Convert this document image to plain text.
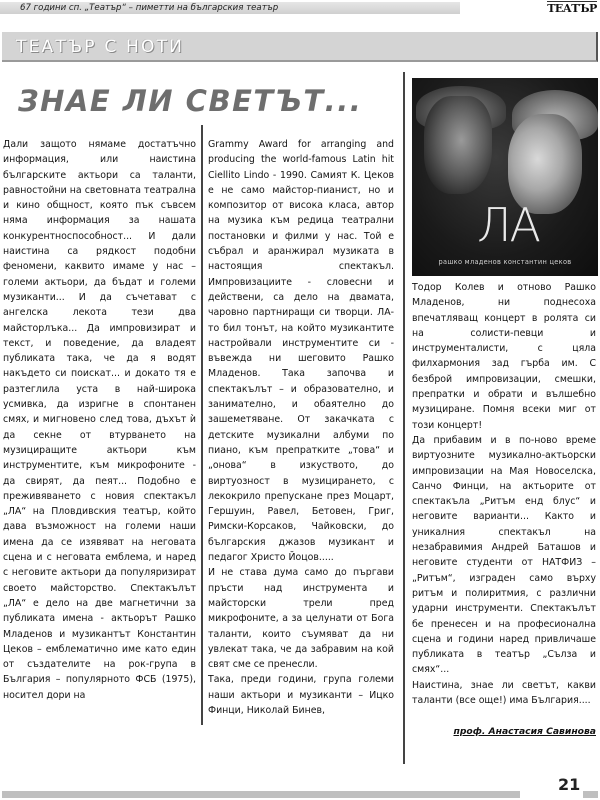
67 години сп. „Театър“ – пиметти на българския театър	ТЕАТЪР
ТЕАТЪР С НОТИ
ЗНАЕ ЛИ СВЕТЪТ...

Дали защото нямаме достатъчно информация, или наистина българските актьори са таланти, равностойни на световната театрална и кино общност, която пък съвсем няма информация за нашата конкурентноспособност... И дали наистина са рядкост подобни феномени, каквито имаме у нас – големи актьори, да бъдат и големи музиканти... И да съчетават с ангелска лекота тези два майсторлъка... Да импровизират и текст, и поведение, да владеят публиката така, че да я водят накъдето си поискат... и докато тя е разтеглила уста в най-широка усмивка, да изригне в спонтанен смях, и мигновено след това, дъхът ѝ да секне от втурването на музициращите актьори към инструментите, към микрофоните - да свирят, да пеят... Подобно е преживяването с новия спектакъл „ЛА“ на Пловдивския театър, който дава възможност на големи наши имена да се изявяват на неговата сцена и с неговата емблема, и наред с неговите актьори да популяризират своето майсторство. Спектакълът „ЛА“ е дело на две магнетични за публиката имена - актьорът Рашко Младенов и музикантът Константин Цеков – емблематично име като един от създателите на рок-група в България – популярното ФСБ (1975), носител дори на

Grammy Award for arranging and producing the world-famous Latin hit Ciellito Lindo - 1990. Самият К. Цеков е не само майстор-пианист, но и композитор от висока класа, автор на музика към редица театрални постановки и филми у нас. Той е събрал и аранжирал музиката в настоящия спектакъл. Импровизациите - словесни и действени, са дело на двамата, чаровно партниращи си творци. ЛА-то бил тонът, на който музикантите настройвали инструментите си - въвежда ни шеговито Рашко Младенов. Така започва и спектакълът – и образователно, и занимателно, и обаятелно до зашеметяване. От закачката с детските музикални албуми по пиано, към препратките „това“ и „онова“ в изкуството, до виртуозност в музицирането, с лекокрило препускане през Моцарт, Гершуин, Равел, Бетовен, Григ, Римски-Корсаков, Чайковски, до българския джазов музикант и педагог Христо Йоцов.....

И не става дума само до пъргави пръсти над инструмента и майсторски трели пред микрофоните, а за целунати от Бога таланти, които съумяват да ни увлекат така, че да забравим на кой свят сме се пренесли.

Така, преди години, група големи наши актьори и музиканти – Ицко Финци, Николай Бинев,

ЛА
рашко младенов константин цеков

Тодор Колев и отново Рашко Младенов, ни поднесоха впечатляващ концерт в ролята си на солисти-певци и инструменталисти, с цяла филхармония зад гърба им. С безброй импровизации, смешки, препратки и обрати и вълшебно музициране. Помня всеки миг от този концерт!

Да прибавим и в по-ново време виртуозните музикално-актьорски импровизации на Мая Новоселска, Санчо Финци, на актьорите от спектакъла „Ритъм енд блус“ и неговите варианти... Както и уникалния спектакъл на незабравимия Андрей Баташов и неговите студенти от НАТФИЗ – „Ритъм“, изграден само върху ритъм и полиритмия, с различни ударни инструменти. Спектакълът бе пренесен и на професионална сцена и години наред привличаше публиката в театър „Сълза и смях“...

Наистина, знае ли светът, какви таланти (все още!) има България....

проф. Анастасия Савинова
21
